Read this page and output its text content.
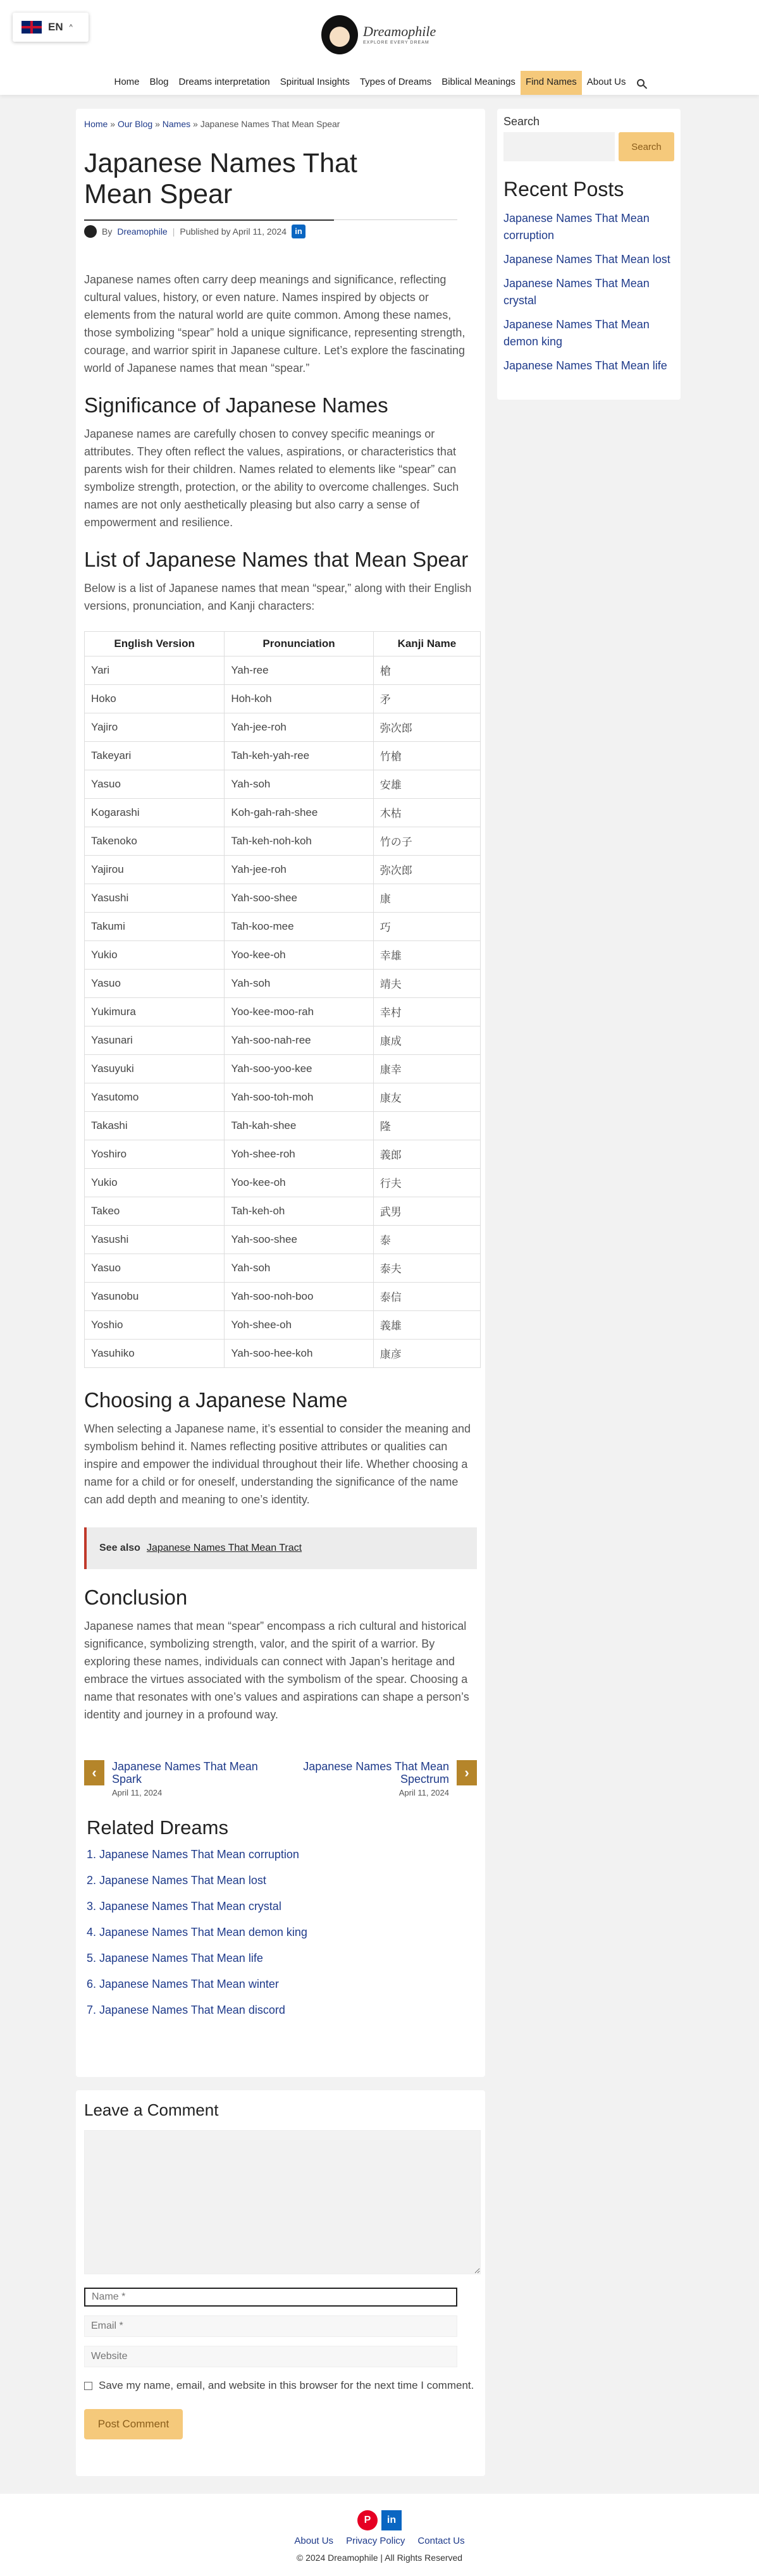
EN ^	Dreamophile
EXPLORE EVERY DREAM
Home	Blog	Dreams interpretation	Spiritual Insights	Types of Dreams	Biblical Meanings	Find Names	About Us
Home » Our Blog » Names » Japanese Names That Mean Spear
Japanese Names That Mean Spear
By Dreamophile | Published by April 11, 2024	in

Japanese names often carry deep meanings and significance, reflecting cultural values, history, or even nature. Names inspired by objects or elements from the natural world are quite common. Among these names, those symbolizing “spear” hold a unique significance, representing strength, courage, and warrior spirit in Japanese culture. Let’s explore the fascinating world of Japanese names that mean “spear.”

Significance of Japanese Names

Japanese names are carefully chosen to convey specific meanings or attributes. They often reflect the values, aspirations, or characteristics that parents wish for their children. Names related to elements like “spear” can symbolize strength, protection, or the ability to overcome challenges. Such names are not only aesthetically pleasing but also carry a sense of empowerment and resilience.

List of Japanese Names that Mean Spear

Below is a list of Japanese names that mean “spear,” along with their English versions, pronunciation, and Kanji characters:

English Version	Pronunciation	Kanji Name
Yari	Yah-ree	槍
Hoko	Hoh-koh	矛
Yajiro	Yah-jee-roh	弥次郎
Takeyari	Tah-keh-yah-ree	竹槍
Yasuo	Yah-soh	安雄
Kogarashi	Koh-gah-rah-shee	木枯
Takenoko	Tah-keh-noh-koh	竹の子
Yajirou	Yah-jee-roh	弥次郎
Yasushi	Yah-soo-shee	康
Takumi	Tah-koo-mee	巧
Yukio	Yoo-kee-oh	幸雄
Yasuo	Yah-soh	靖夫
Yukimura	Yoo-kee-moo-rah	幸村
Yasunari	Yah-soo-nah-ree	康成
Yasuyuki	Yah-soo-yoo-kee	康幸
Yasutomo	Yah-soo-toh-moh	康友
Takashi	Tah-kah-shee	隆
Yoshiro	Yoh-shee-roh	義郎
Yukio	Yoo-kee-oh	行夫
Takeo	Tah-keh-oh	武男
Yasushi	Yah-soo-shee	泰
Yasuo	Yah-soh	泰夫
Yasunobu	Yah-soo-noh-boo	泰信
Yoshio	Yoh-shee-oh	義雄
Yasuhiko	Yah-soo-hee-koh	康彦
Choosing a Japanese Name

When selecting a Japanese name, it’s essential to consider the meaning and symbolism behind it. Names reflecting positive attributes or qualities can inspire and empower the individual throughout their life. Whether choosing a name for a child or for oneself, understanding the significance of the name can add depth and meaning to one’s identity.

See also Japanese Names That Mean Tract
Conclusion

Japanese names that mean “spear” encompass a rich cultural and historical significance, symbolizing strength, valor, and the spirit of a warrior. By exploring these names, individuals can connect with Japan’s heritage and embrace the virtues associated with the symbolism of the spear. Choosing a name that resonates with one’s values and aspirations can shape a person’s identity and journey in a profound way.

‹	Japanese Names That Mean Spark
April 11, 2024
Japanese Names That Mean Spectrum
April 11, 2024
›
Related Dreams
1. Japanese Names That Mean corruption
2. Japanese Names That Mean lost
3. Japanese Names That Mean crystal
4. Japanese Names That Mean demon king
5. Japanese Names That Mean life
6. Japanese Names That Mean winter
7. Japanese Names That Mean discord
Leave a Comment
Name *
Email *
Website
Save my name, email, and website in this browser for the next time I comment.
Post Comment
Search
Search
Recent Posts
Japanese Names That Mean corruption
Japanese Names That Mean lost
Japanese Names That Mean crystal
Japanese Names That Mean demon king
Japanese Names That Mean life
P	in
About Us Privacy Policy Contact Us
© 2024 Dreamophile | All Rights Reserved
